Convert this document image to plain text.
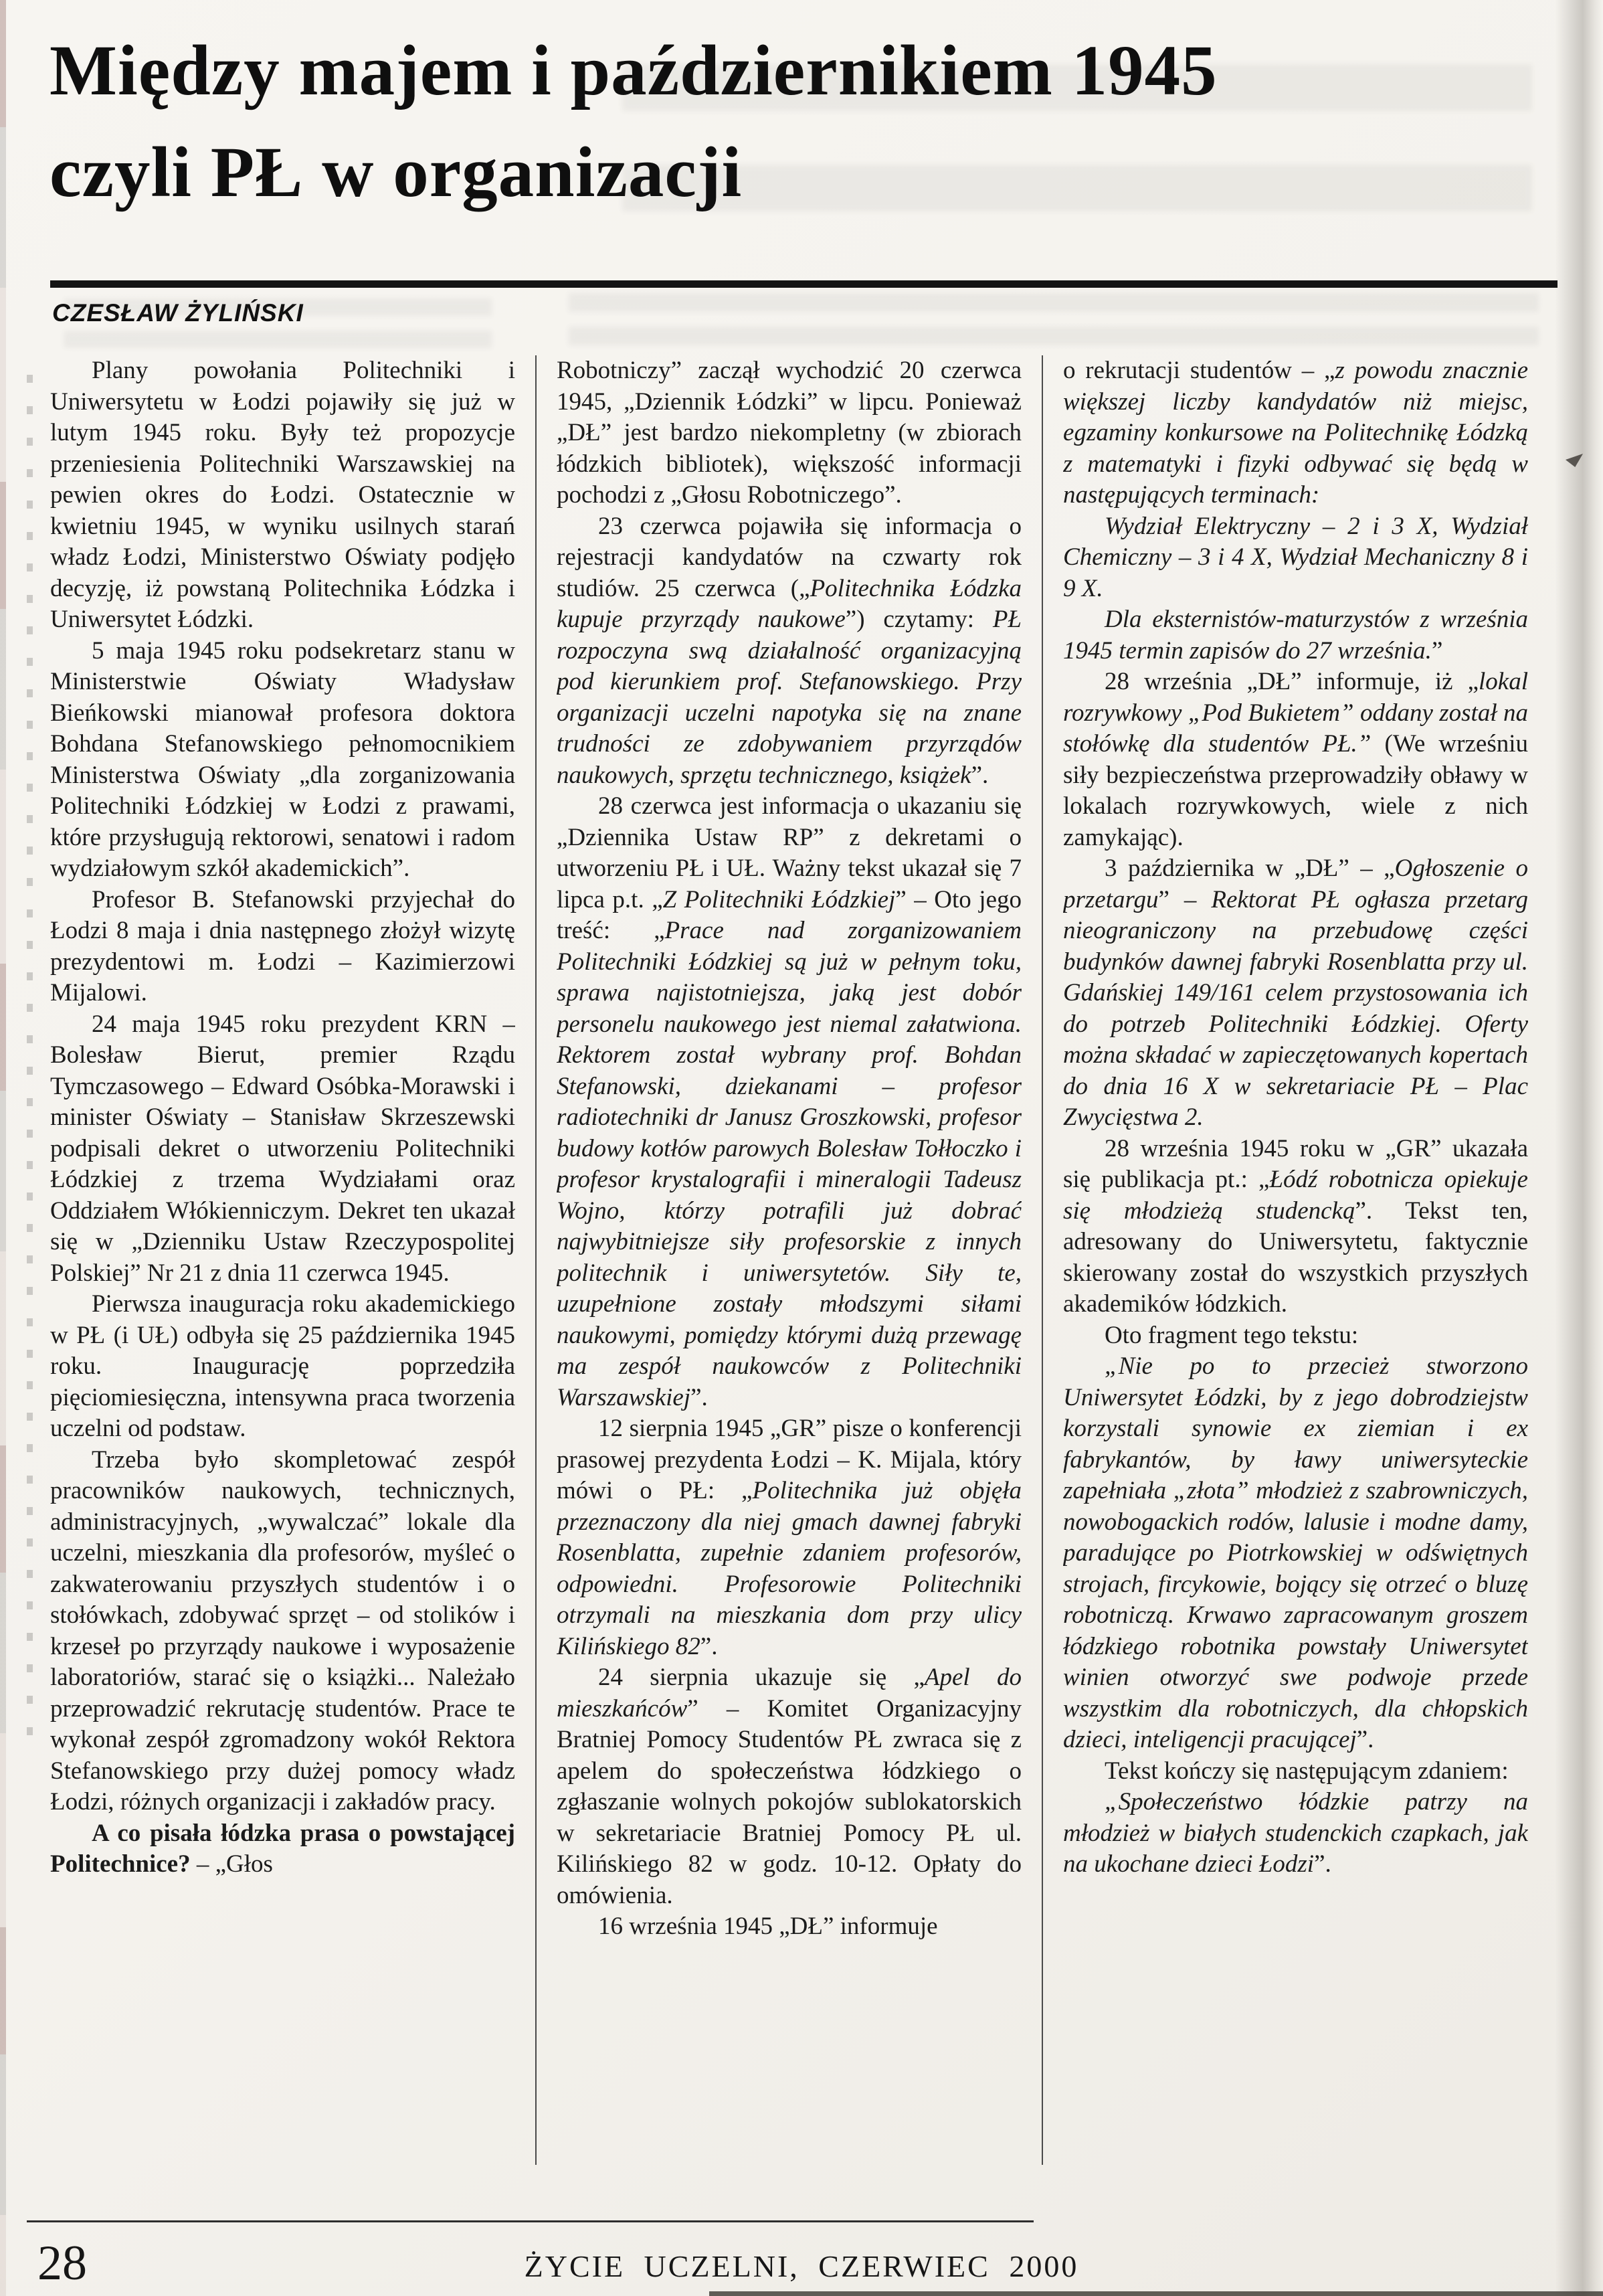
Między majem i październikiem 1945
czyli PŁ w organizacji
CZESŁAW ŻYLIŃSKI

Plany powołania Politechniki i Uniwersytetu w Łodzi pojawiły się już w lutym 1945 roku. Były też propozycje przeniesienia Politechniki Warszawskiej na pewien okres do Łodzi. Ostatecznie w kwietniu 1945, w wyniku usilnych starań władz Łodzi, Ministerstwo Oświaty podjęło decyzję, iż powstaną Politechnika Łódzka i Uniwersytet Łódzki.

5 maja 1945 roku podsekretarz stanu w Ministerstwie Oświaty Władysław Bieńkowski mianował profesora doktora Bohdana Stefanowskiego pełnomocnikiem Ministerstwa Oświaty „dla zorganizowania Politechniki Łódzkiej w Łodzi z prawami, które przysługują rektorowi, senatowi i radom wydziałowym szkół akademickich”.

Profesor B. Stefanowski przyjechał do Łodzi 8 maja i dnia następnego złożył wizytę prezydentowi m. Łodzi – Kazimierzowi Mijalowi.

24 maja 1945 roku prezydent KRN – Bolesław Bierut, premier Rządu Tymczasowego – Edward Osóbka-Morawski i minister Oświaty – Stanisław Skrzeszewski podpisali dekret o utworzeniu Politechniki Łódzkiej z trzema Wydziałami oraz Oddziałem Włókienniczym. Dekret ten ukazał się w „Dzienniku Ustaw Rzeczypospolitej Polskiej” Nr 21 z dnia 11 czerwca 1945.

Pierwsza inauguracja roku akademickiego w PŁ (i UŁ) odbyła się 25 października 1945 roku. Inaugurację poprzedziła pięciomiesięczna, intensywna praca tworzenia uczelni od podstaw.

Trzeba było skompletować zespół pracowników naukowych, technicznych, administracyjnych, „wywalczać” lokale dla uczelni, mieszkania dla profesorów, myśleć o zakwaterowaniu przyszłych studentów i o stołówkach, zdobywać sprzęt – od stolików i krzeseł po przyrządy naukowe i wyposażenie laboratoriów, starać się o książki... Należało przeprowadzić rekrutację studentów. Prace te wykonał zespół zgromadzony wokół Rektora Stefanowskiego przy dużej pomocy władz Łodzi, różnych organizacji i zakładów pracy.

A co pisała łódzka prasa o powstającej Politechnice? – „Głos

Robotniczy” zaczął wychodzić 20 czerwca 1945, „Dziennik Łódzki” w lipcu. Ponieważ „DŁ” jest bardzo niekompletny (w zbiorach łódzkich bibliotek), większość informacji pochodzi z „Głosu Robotniczego”.

23 czerwca pojawiła się informacja o rejestracji kandydatów na czwarty rok studiów. 25 czerwca („Politechnika Łódzka kupuje przyrządy naukowe”) czytamy: PŁ rozpoczyna swą działalność organizacyjną pod kierunkiem prof. Stefanowskiego. Przy organizacji uczelni napotyka się na znane trudności ze zdobywaniem przyrządów naukowych, sprzętu technicznego, książek”.

28 czerwca jest informacja o ukazaniu się „Dziennika Ustaw RP” z dekretami o utworzeniu PŁ i UŁ. Ważny tekst ukazał się 7 lipca p.t. „Z Politechniki Łódzkiej” – Oto jego treść: „Prace nad zorganizowaniem Politechniki Łódzkiej są już w pełnym toku, sprawa najistotniejsza, jaką jest dobór personelu naukowego jest niemal załatwiona. Rektorem został wybrany prof. Bohdan Stefanowski, dziekanami – profesor radiotechniki dr Janusz Groszkowski, profesor budowy kotłów parowych Bolesław Tołłoczko i profesor krystalografii i mineralogii Tadeusz Wojno, którzy potrafili już dobrać najwybitniejsze siły profesorskie z innych politechnik i uniwersytetów. Siły te, uzupełnione zostały młodszymi siłami naukowymi, pomiędzy którymi dużą przewagę ma zespół naukowców z Politechniki Warszawskiej”.

12 sierpnia 1945 „GR” pisze o konferencji prasowej prezydenta Łodzi – K. Mijala, który mówi o PŁ: „Politechnika już objęła przeznaczony dla niej gmach dawnej fabryki Rosenblatta, zupełnie zdaniem profesorów, odpowiedni. Profesorowie Politechniki otrzymali na mieszkania dom przy ulicy Kilińskiego 82”.

24 sierpnia ukazuje się „Apel do mieszkańców” – Komitet Organizacyjny Bratniej Pomocy Studentów PŁ zwraca się z apelem do społeczeństwa łódzkiego o zgłaszanie wolnych pokojów sublokatorskich w sekretariacie Bratniej Pomocy PŁ ul. Kilińskiego 82 w godz. 10-12. Opłaty do omówienia.

16 września 1945 „DŁ” informuje

o rekrutacji studentów – „z powodu znacznie większej liczby kandydatów niż miejsc, egzaminy konkursowe na Politechnikę Łódzką z matematyki i fizyki odbywać się będą w następujących terminach:

Wydział Elektryczny – 2 i 3 X, Wydział Chemiczny – 3 i 4 X, Wydział Mechaniczny 8 i 9 X.

Dla eksternistów-maturzystów z września 1945 termin zapisów do 27 września.”

28 września „DŁ” informuje, iż „lokal rozrywkowy „Pod Bukietem” oddany został na stołówkę dla studentów PŁ.” (We wrześniu siły bezpieczeństwa przeprowadziły obławy w lokalach rozrywkowych, wiele z nich zamykając).

3 października w „DŁ” – „Ogłoszenie o przetargu” – Rektorat PŁ ogłasza przetarg nieograniczony na przebudowę części budynków dawnej fabryki Rosenblatta przy ul. Gdańskiej 149/161 celem przystosowania ich do potrzeb Politechniki Łódzkiej. Oferty można składać w zapieczętowanych kopertach do dnia 16 X w sekretariacie PŁ – Plac Zwycięstwa 2.

28 września 1945 roku w „GR” ukazała się publikacja pt.: „Łódź robotnicza opiekuje się młodzieżą studencką”. Tekst ten, adresowany do Uniwersytetu, faktycznie skierowany został do wszystkich przyszłych akademików łódzkich.

Oto fragment tego tekstu:

„Nie po to przecież stworzono Uniwersytet Łódzki, by z jego dobrodziejstw korzystali synowie ex ziemian i ex fabrykantów, by ławy uniwersyteckie zapełniała „złota” młodzież z szabrowniczych, nowobogackich rodów, lalusie i modne damy, paradujące po Piotrkowskiej w odświętnych strojach, fircykowie, bojący się otrzeć o bluzę robotniczą. Krwawo zapracowanym groszem łódzkiego robotnika powstały Uniwersytet winien otworzyć swe podwoje przede wszystkim dla robotniczych, dla chłopskich dzieci, inteligencji pracującej”.

Tekst kończy się następującym zdaniem:

„Społeczeństwo łódzkie patrzy na młodzież w białych studenckich czapkach, jak na ukochane dzieci Łodzi”.

28	ŻYCIE UCZELNI, CZERWIEC 2000
